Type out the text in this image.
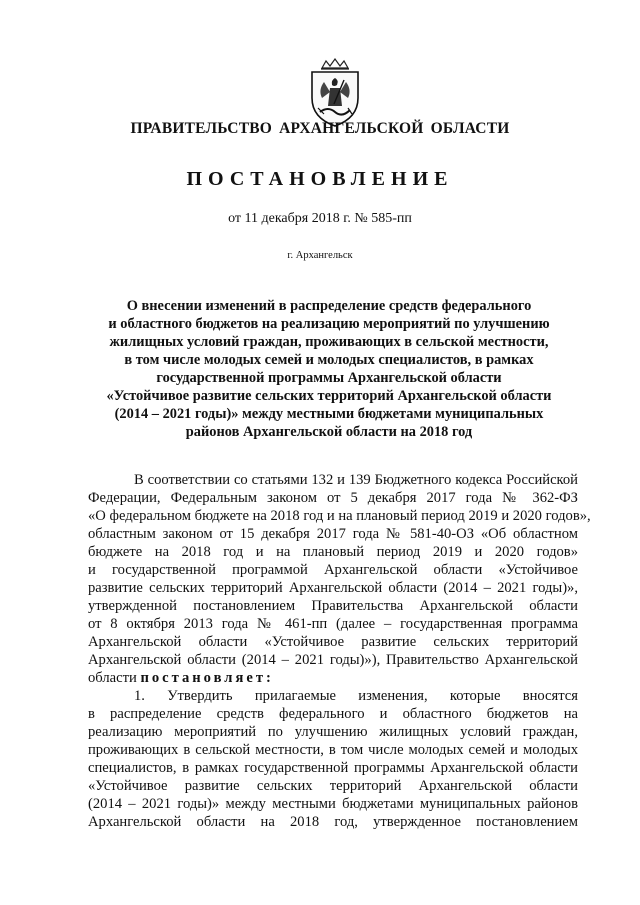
ПРАВИТЕЛЬСТВО АРХАНГЕЛЬСКОЙ ОБЛАСТИ
ПОСТАНОВЛЕНИЕ
от 11 декабря 2018 г. № 585-пп
г. Архангельск
О внесении изменений в распределение средств федерального
и областного бюджетов на реализацию мероприятий по улучшению
жилищных условий граждан, проживающих в сельской местности,
в том числе молодых семей и молодых специалистов, в рамках
государственной программы Архангельской области
«Устойчивое развитие сельских территорий Архангельской области
(2014 – 2021 годы)» между местными бюджетами муниципальных
районов Архангельской области на 2018 год
В соответствии со статьями 132 и 139 Бюджетного кодекса Российской
Федерации, Федеральным законом от 5 декабря 2017 года № 362-ФЗ
«О федеральном бюджете на 2018 год и на плановый период 2019 и 2020 годов»,
областным законом от 15 декабря 2017 года № 581-40-ОЗ «Об областном
бюджете на 2018 год и на плановый период 2019 и 2020 годов»
и государственной программой Архангельской области «Устойчивое
развитие сельских территорий Архангельской области (2014 – 2021 годы)»,
утвержденной постановлением Правительства Архангельской области
от 8 октября 2013 года № 461-пп (далее – государственная программа
Архангельской области «Устойчивое развитие сельских территорий
Архангельской области (2014 – 2021 годы)»), Правительство Архангельской
области постановляет:
1. Утвердить прилагаемые изменения, которые вносятся
в распределение средств федерального и областного бюджетов на
реализацию мероприятий по улучшению жилищных условий граждан,
проживающих в сельской местности, в том числе молодых семей и молодых
специалистов, в рамках государственной программы Архангельской области
«Устойчивое развитие сельских территорий Архангельской области
(2014 – 2021 годы)» между местными бюджетами муниципальных районов
Архангельской области на 2018 год, утвержденное постановлением
